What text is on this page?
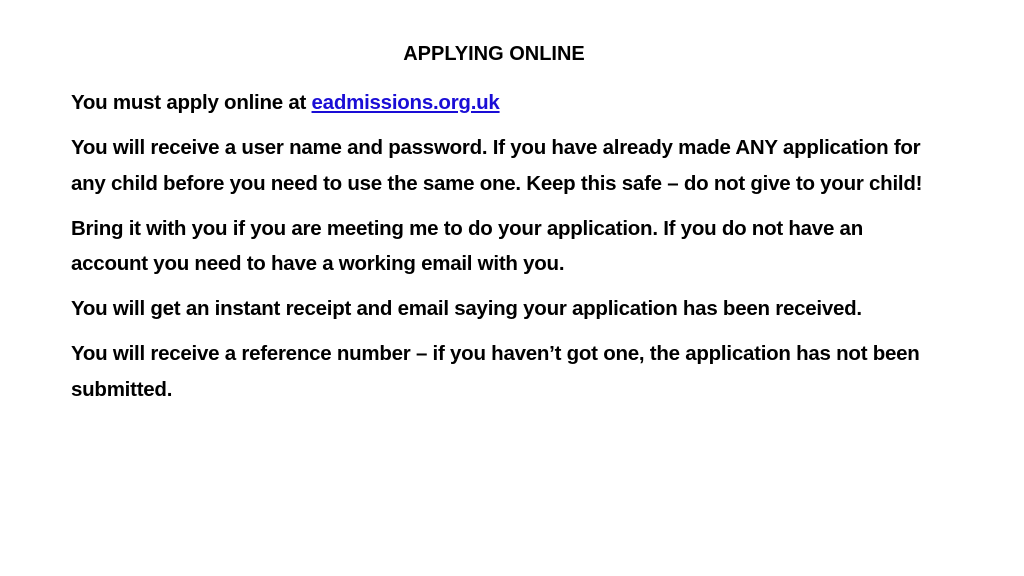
APPLYING ONLINE

You must apply online at eadmissions.org.uk

You will receive a user name and password. If you have already made ANY application for any child before you need to use the same one. Keep this safe – do not give to your child!

Bring it with you if you are meeting me to do your application. If you do not have an account you need to have a working email with you.

You will get an instant receipt and email saying your application has been received.

You will receive a reference number – if you haven’t got one, the application has not been submitted.
